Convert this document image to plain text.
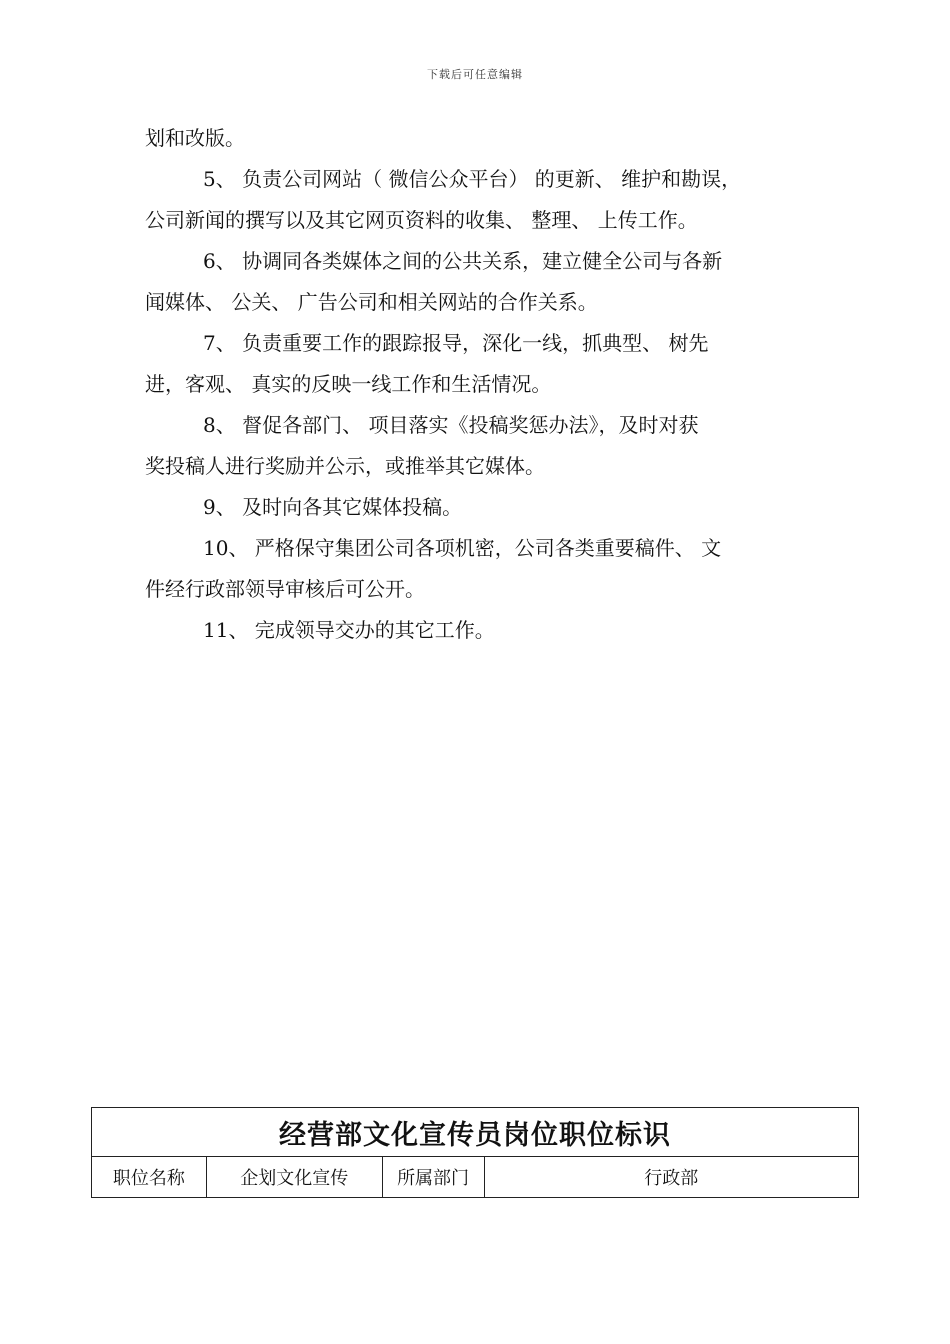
下载后可任意编辑
划和改版。
5、 负责公司网站（ 微信公众平台） 的更新、 维护和勘误，
公司新闻的撰写以及其它网页资料的收集、 整理、 上传工作。
6、 协调同各类媒体之间的公共关系，建立健全公司与各新
闻媒体、 公关、 广告公司和相关网站的合作关系。
7、 负责重要工作的跟踪报导，深化一线，抓典型、 树先
进，客观、 真实的反映一线工作和生活情况。
8、 督促各部门、 项目落实《投稿奖惩办法》，及时对获
奖投稿人进行奖励并公示，或推举其它媒体。
9、 及时向各其它媒体投稿。
10、 严格保守集团公司各项机密，公司各类重要稿件、 文
件经行政部领导审核后可公开。
11、 完成领导交办的其它工作。
经营部文化宣传员岗位职位标识
职位名称	企划文化宣传	所属部门	行政部
